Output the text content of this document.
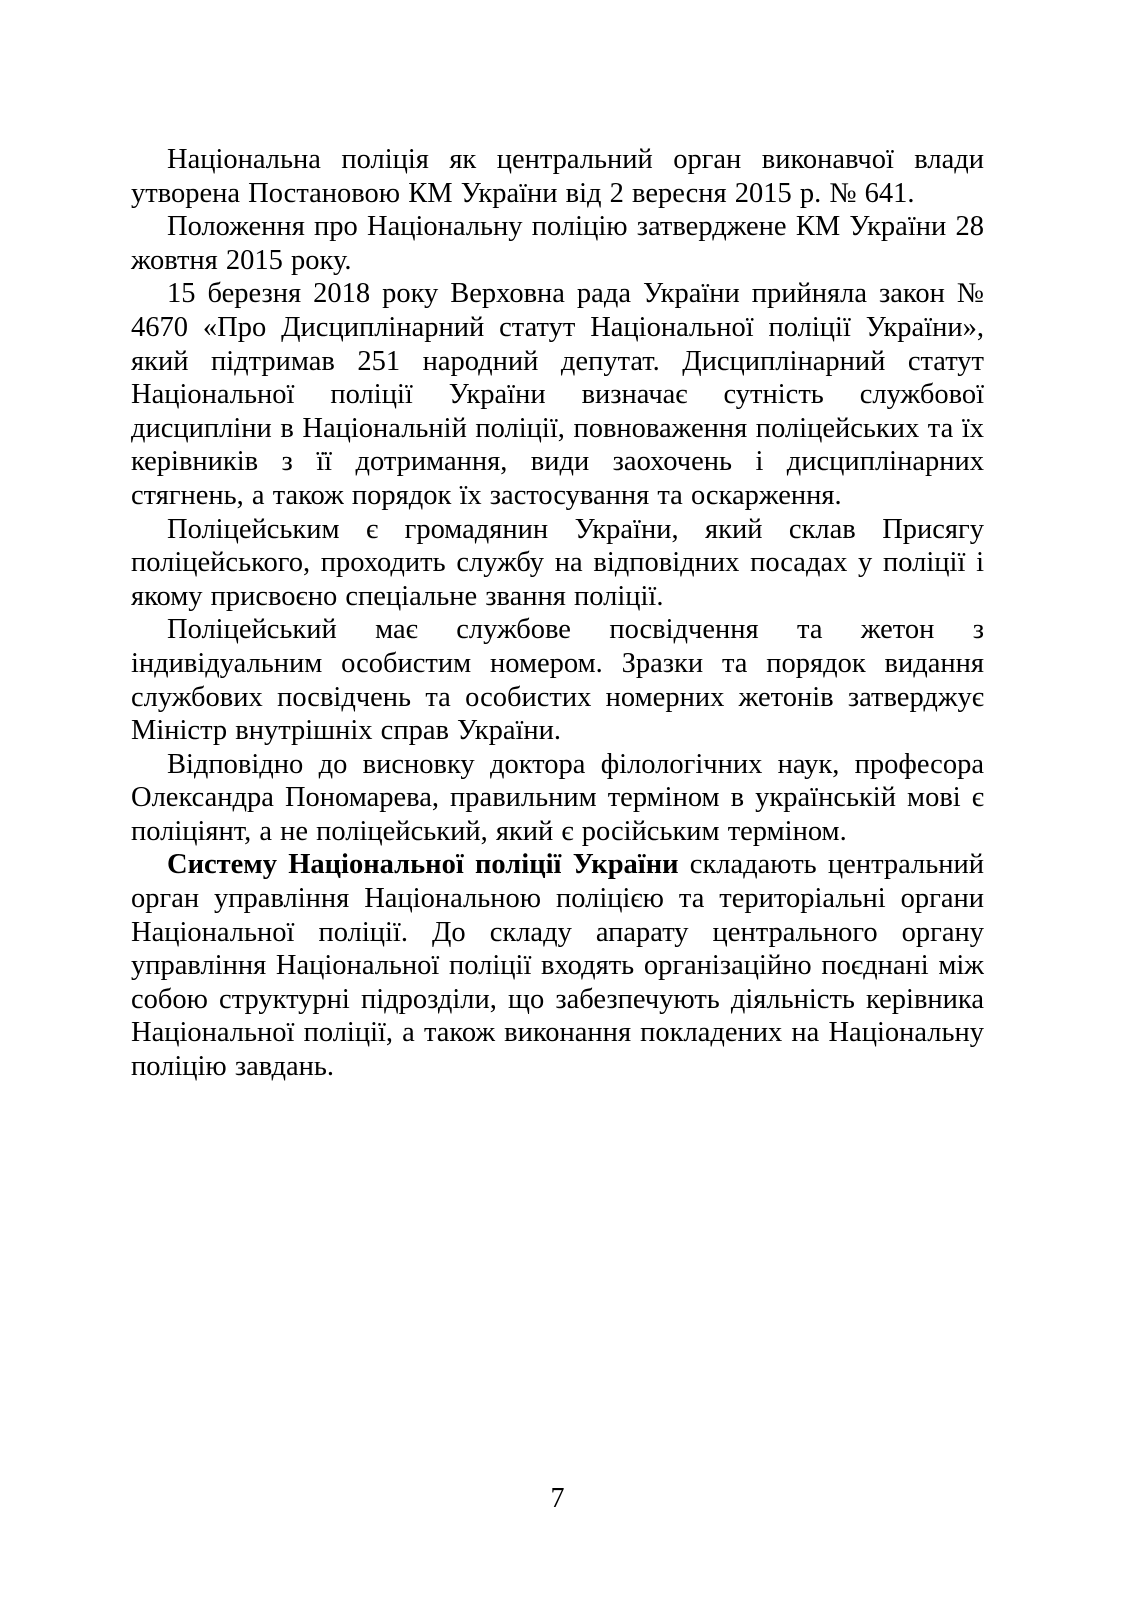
Національна поліція як центральний орган виконавчої влади утворена Постановою КМ України від 2 вересня 2015 р. № 641.

Положення про Національну поліцію затверджене КМ України 28 жовтня 2015 року.

15 березня 2018 року Верховна рада України прийняла закон № 4670 «Про Дисциплінарний статут Національної поліції України», який підтримав 251 народний депутат. Дисциплінарний статут Національної поліції України визначає сутність службової дисципліни в Національній поліції, повноваження поліцейських та їх керівників з її дотримання, види заохочень і дисциплінарних стягнень, а також порядок їх застосування та оскарження.

Поліцейським є громадянин України, який склав Присягу поліцейського, проходить службу на відповідних посадах у поліції і якому присвоєно спеціальне звання поліції.

Поліцейський має службове посвідчення та жетон з індивідуальним особистим номером. Зразки та порядок видання службових посвідчень та особистих номерних жетонів затверджує Міністр внутрішніх справ України.

Відповідно до висновку доктора філологічних наук, професора Олександра Пономарева, правильним терміном в українській мові є поліціянт, а не поліцейський, який є російським терміном.

Систему Національної поліції України складають центральний орган управління Національною поліцією та територіальні органи Національної поліції. До складу апарату центрального органу управління Національної поліції входять організаційно поєднані між собою структурні підрозділи, що забезпечують діяльність керівника Національної поліції, а також виконання покладених на Національну поліцію завдань.

7
